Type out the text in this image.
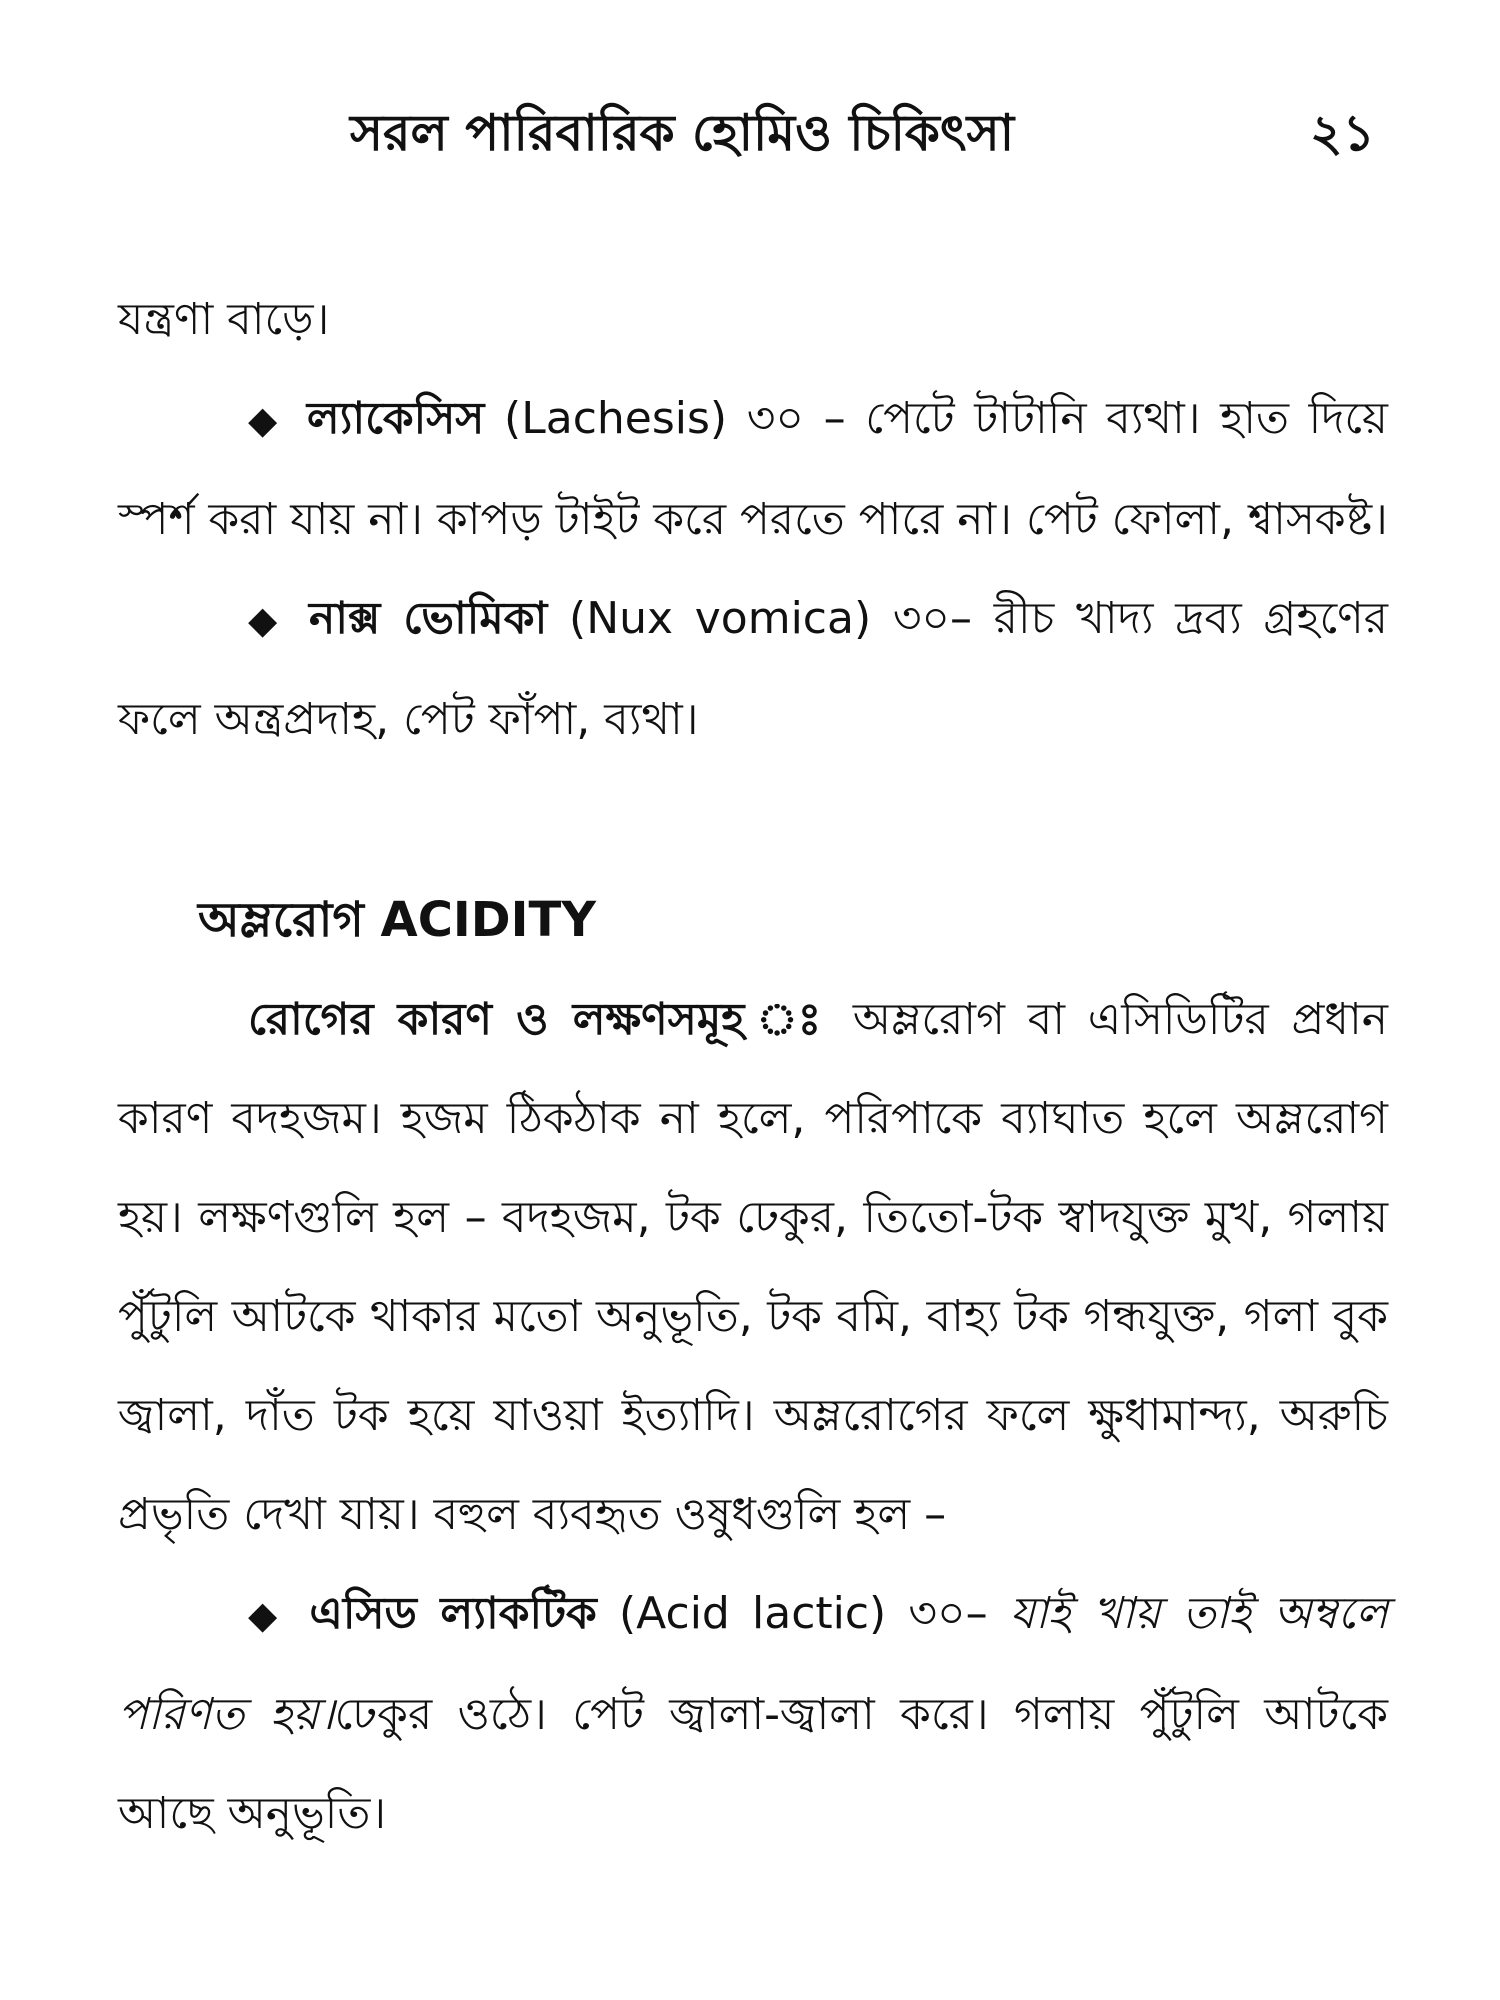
সরল পারিবারিক হোমিও চিকিৎসা	২১

যন্ত্রণা বাড়ে।

◆ ল্যাকেসিস (Lachesis) ৩০ – পেটে টাটানি ব্যথা। হাত দিয়ে স্পর্শ করা যায় না। কাপড় টাইট করে পরতে পারে না। পেট ফোলা, শ্বাসকষ্ট।

◆ নাক্স ভোমিকা (Nux vomica) ৩০– রীচ খাদ্য দ্রব্য গ্রহণের ফলে অন্ত্রপ্রদাহ, পেট ফাঁপা, ব্যথা।

অম্লরোগ ACIDITY

রোগের কারণ ও লক্ষণসমূহ ঃ অম্লরোগ বা এসিডিটির প্রধান কারণ বদহজম। হজম ঠিকঠাক না হলে, পরিপাকে ব্যাঘাত হলে অম্লরোগ হয়। লক্ষণগুলি হল – বদহজম, টক ঢেকুর, তিতো-টক স্বাদযুক্ত মুখ, গলায় পুঁটুলি আটকে থাকার মতো অনুভূতি, টক বমি, বাহ্য টক গন্ধযুক্ত, গলা বুক জ্বালা, দাঁত টক হয়ে যাওয়া ইত্যাদি। অম্লরোগের ফলে ক্ষুধামান্দ্য, অরুচি প্রভৃতি দেখা যায়। বহুল ব্যবহৃত ওষুধগুলি হল –

◆ এসিড ল্যাকটিক (Acid lactic) ৩০– যাই খায় তাই অম্বলে পরিণত হয়।ঢেকুর ওঠে। পেট জ্বালা-জ্বালা করে। গলায় পুঁটুলি আটকে আছে অনুভূতি।
